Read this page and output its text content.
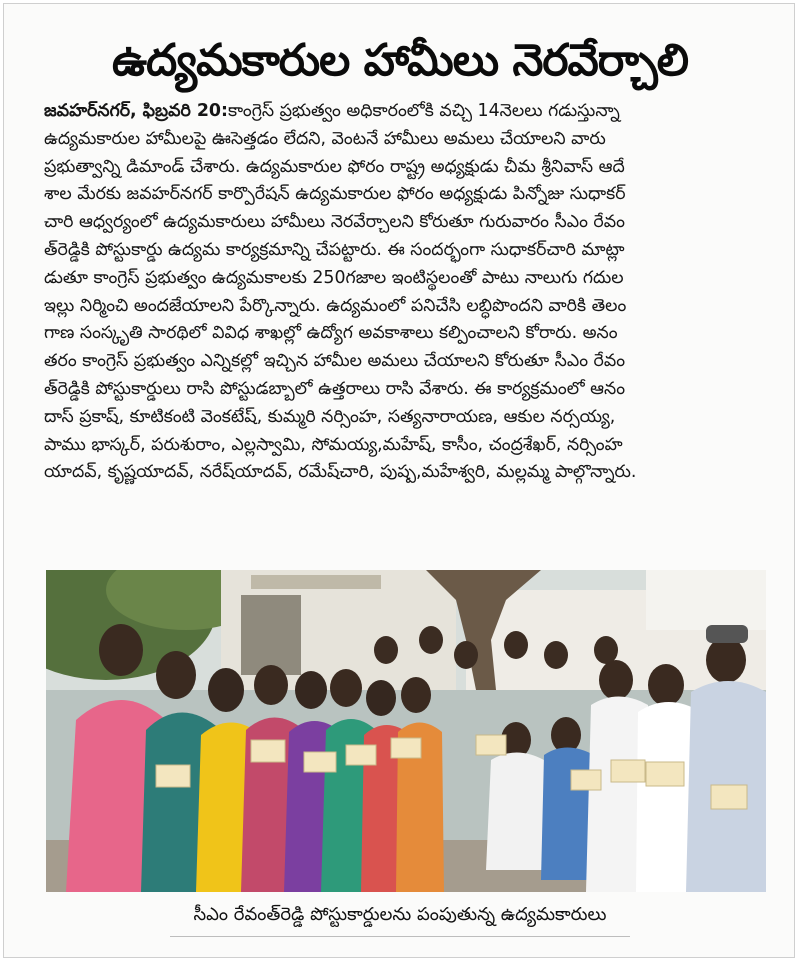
ఉద్యమకారుల హామీలు నెరవేర్చాలి
జవహర్‌నగర్, ఫిబ్రవరి 20:కాంగ్రెస్ ప్రభుత్వం అధికారంలోకి వచ్చి 14నెలలు గడుస్తున్నా
ఉద్యమకారుల హామీలపై ఊసెత్తడం లేదని, వెంటనే హామీలు అమలు చేయాలని వారు
ప్రభుత్వాన్ని డిమాండ్ చేశారు. ఉద్యమకారుల ఫోరం రాష్ట్ర అధ్యక్షుడు చీమ శ్రీనివాస్ ఆదే
శాల మేరకు జవహర్‌నగర్ కార్పొరేషన్ ఉద్యమకారుల ఫోరం అధ్యక్షుడు పిన్నోజు సుధాకర్
చారి ఆధ్వర్యంలో ఉద్యమకారులు హామీలు నెరవేర్చాలని కోరుతూ గురువారం సీఎం రేవం
త్‌రెడ్డికి పోస్టుకార్డు ఉద్యమ కార్యక్రమాన్ని చేపట్టారు. ఈ సందర్భంగా సుధాకర్‌చారి మాట్లా
డుతూ కాంగ్రెస్ ప్రభుత్వం ఉద్యమకాలకు 250గజాల ఇంటిస్థలంతో పాటు నాలుగు గదుల
ఇల్లు నిర్మించి అందజేయాలని పేర్కొన్నారు. ఉద్యమంలో పనిచేసి లబ్ధిపొందని వారికి తెలం
గాణ సంస్కృతి సారథిలో వివిధ శాఖల్లో ఉద్యోగ అవకాశాలు కల్పించాలని కోరారు. అనం
తరం కాంగ్రెస్ ప్రభుత్వం ఎన్నికల్లో ఇచ్చిన హామీల అమలు చేయాలని కోరుతూ సీఎం రేవం
త్‌రెడ్డికి పోస్టుకార్డులు రాసి పోస్టుడబ్బాలో ఉత్తరాలు రాసి వేశారు. ఈ కార్యక్రమంలో ఆనం
దాస్ ప్రకాష్, కూటికంటి వెంకటేష్, కుమ్మరి నర్సింహ, సత్యనారాయణ, ఆకుల నర్సయ్య,
పాము భాస్కర్, పరుశురాం, ఎల్లస్వామి, సోమయ్య,మహేష్, కాసీం, చంద్రశేఖర్, నర్సింహ
యాదవ్, కృష్ణయాదవ్, నరేష్‌యాదవ్, రమేష్‌చారి, పుష్ప,మహేశ్వరి, మల్లమ్మ పాల్గొన్నారు.
సీఎం రేవంత్‌రెడ్డి పోస్టుకార్డులను పంపుతున్న ఉద్యమకారులు
